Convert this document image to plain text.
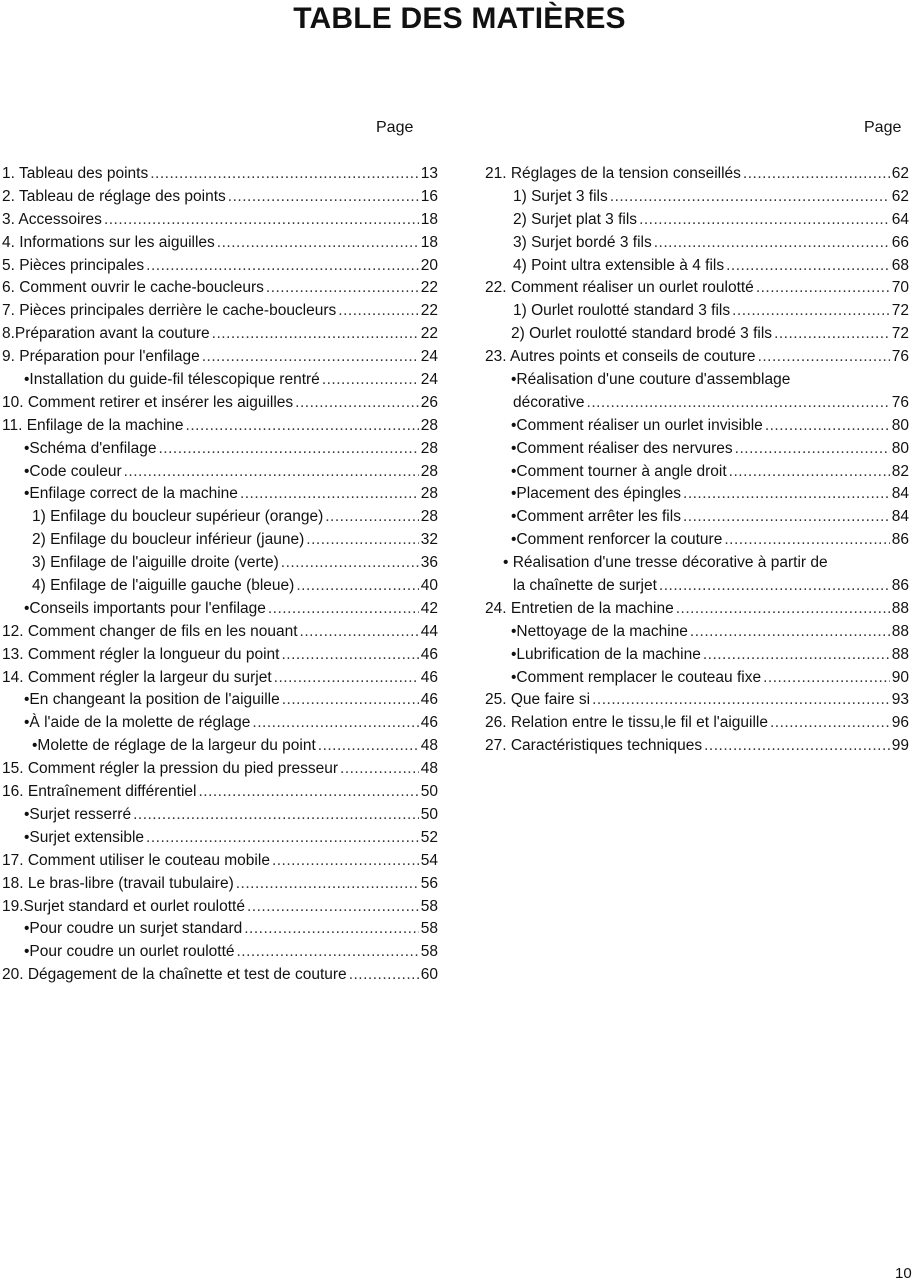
TABLE DES MATIÈRES
Page	Page
1. Tableau des points .....	13
2. Tableau de réglage des points .....	16
3. Accessoires .....	18
4. Informations sur les aiguilles .....	18
5. Pièces principales .....	20
6. Comment ouvrir le cache-boucleurs .....	22
7. Pièces principales derrière le cache-boucleurs .....	22
8.Préparation avant la couture .....	22
9. Préparation pour l'enfilage .....	24
•Installation du guide-fil télescopique rentré .....	24
10. Comment retirer et insérer les aiguilles .....	26
11. Enfilage de la machine .....	28
•Schéma d'enfilage .....	28
•Code couleur .....	28
•Enfilage correct de la machine .....	28
1) Enfilage du boucleur supérieur (orange) .....	28
2) Enfilage du boucleur inférieur (jaune) .....	32
3) Enfilage de l'aiguille droite (verte) .....	36
4) Enfilage de l'aiguille gauche (bleue) .....	40
•Conseils importants pour l'enfilage .....	42
12. Comment changer de fils en les nouant .....	44
13. Comment régler la longueur du point .....	46
14. Comment régler la largeur du surjet .....	46
•En changeant la position de l'aiguille .....	46
•À l'aide de la molette de réglage .....	46
•Molette de réglage de la largeur du point .....	48
15. Comment régler la pression du pied presseur .....	48
16. Entraînement différentiel .....	50
•Surjet resserré .....	50
•Surjet extensible .....	52
17. Comment utiliser le couteau mobile .....	54
18. Le bras-libre (travail tubulaire) .....	56
19.Surjet standard et ourlet roulotté .....	58
•Pour coudre un surjet standard .....	58
•Pour coudre un ourlet roulotté .....	58
20. Dégagement de la chaînette et test de couture .....	60
21. Réglages de la tension conseillés .....	62
1) Surjet 3 fils .....	62
2) Surjet plat 3 fils .....	64
3) Surjet bordé 3 fils .....	66
4) Point ultra extensible à 4 fils .....	68
22. Comment réaliser un ourlet roulotté .....	70
1) Ourlet roulotté standard 3 fils .....	72
2) Ourlet roulotté standard brodé 3 fils .....	72
23. Autres points et conseils de couture .....	76
•Réalisation d'une couture d'assemblage
décorative .....	76
•Comment réaliser un ourlet invisible .....	80
•Comment réaliser des nervures .....	80
•Comment tourner à angle droit .....	82
•Placement des épingles .....	84
•Comment arrêter les fils .....	84
•Comment renforcer la couture .....	86
• Réalisation d'une tresse décorative à partir de
la chaînette de surjet .....	86
24. Entretien de la machine .....	88
•Nettoyage de la machine .....	88
•Lubrification de la machine .....	88
•Comment remplacer le couteau fixe .....	90
25. Que faire si .....	93
26. Relation entre le tissu,le fil et l'aiguille .....	96
27. Caractéristiques techniques .....	99
10
